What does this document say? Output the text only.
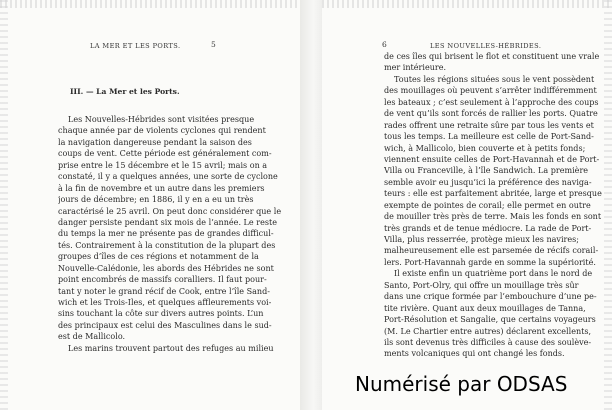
LA MER ET LES PORTS.	5
III. — La Mer et les Ports.
Les Nouvelles-Hébrides sont visitées presque
chaque année par de violents cyclones qui rendent
la navigation dangereuse pendant la saison des
coups de vent. Cette période est généralement com-
prise entre le 15 décembre et le 15 avril; mais on a
constaté, il y a quelques années, une sorte de cyclone
à la fin de novembre et un autre dans les premiers
jours de décembre; en 1886, il y en a eu un très
caractérisé le 25 avril. On peut donc considérer que le
danger persiste pendant six mois de l’année. Le reste
du temps la mer ne présente pas de grandes difficul-
tés. Contrairement à la constitution de la plupart des
groupes d’îles de ces régions et notamment de la
Nouvelle-Calédonie, les abords des Hébrides ne sont
point encombrés de massifs coralliers. Il faut pour-
tant y noter le grand récif de Cook, entre l’île Sand-
wich et les Trois-Iles, et quelques affleurements voi-
sins touchant la côte sur divers autres points. L’un
des principaux est celui des Masculines dans le sud-
est de Mallicolo.
Les marins trouvent partout des refuges au milieu
6	LES NOUVELLES-HÉBRIDES.
de ces îles qui brisent le flot et constituent une vrale
mer intérieure.
Toutes les régions situées sous le vent possèdent
des mouillages où peuvent s’arrêter indifféremment
les bateaux ; c’est seulement à l’approche des coups
de vent qu’ils sont forcés de rallier les ports. Quatre
rades offrent une retraite sûre par tous les vents et
tous les temps. La meilleure est celle de Port-Sand-
wich, à Mallicolo, bien couverte et à petits fonds;
viennent ensuite celles de Port-Havannah et de Port-
Villa ou Franceville, à l’île Sandwich. La première
semble avoir eu jusqu’ici la préférence des naviga-
teurs : elle est parfaitement abritée, large et presque
exempte de pointes de corail; elle permet en outre
de mouiller très près de terre. Mais les fonds en sont
très grands et de tenue médiocre. La rade de Port-
Villa, plus resserrée, protège mieux les navires;
malheureusement elle est parsemée de récifs corail-
lers. Port-Havannah garde en somme la supériorité.
Il existe enfin un quatrième port dans le nord de
Santo, Port-Olry, qui offre un mouillage très sûr
dans une crique formée par l’embouchure d’une pe-
tite rivière. Quant aux deux mouillages de Tanna,
Port-Résolution et Sangalie, que certains voyageurs
(M. Le Chartier entre autres) déclarent excellents,
ils sont devenus très difficiles à cause des soulève-
ments volcaniques qui ont changé les fonds.
Numérisé par ODSAS
